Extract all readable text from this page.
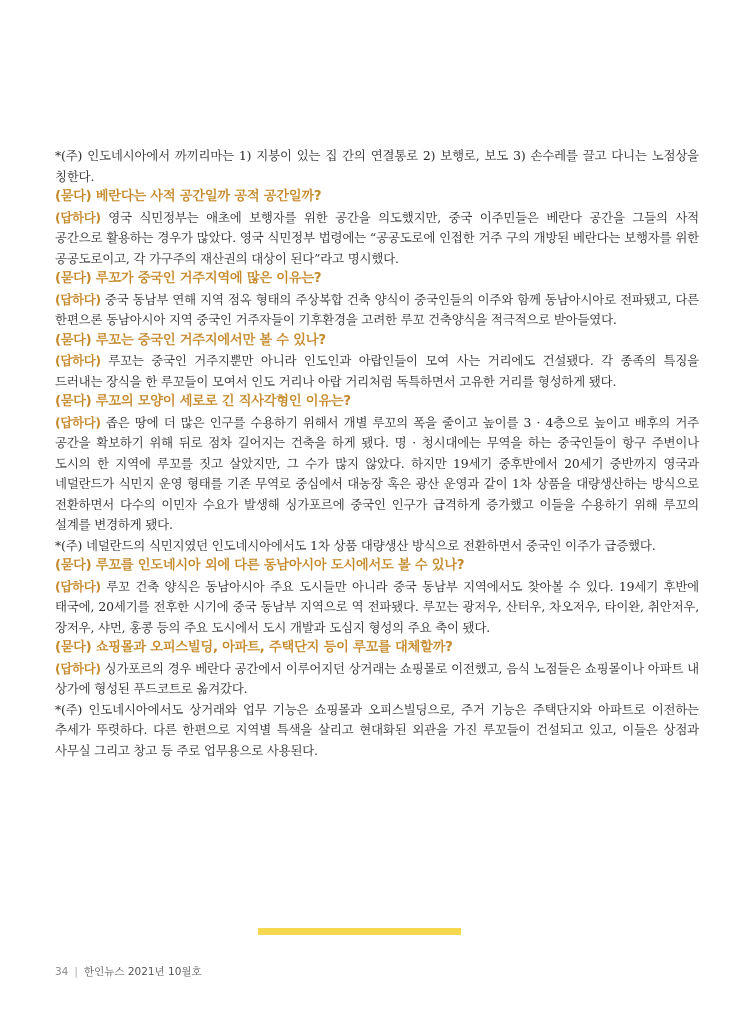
*(주) 인도네시아에서 까끼리마는 1) 지붕이 있는 집 간의 연결통로 2) 보행로, 보도 3) 손수레를 끌고 다니는 노점상을 칭한다.

(묻다) 베란다는 사적 공간일까 공적 공간일까?

(답하다) 영국 식민정부는 애초에 보행자를 위한 공간을 의도했지만, 중국 이주민들은 베란다 공간을 그들의 사적 공간으로 활용하는 경우가 많았다. 영국 식민정부 법령에는 “공공도로에 인접한 거주 구의 개방된 베란다는 보행자를 위한 공공도로이고, 각 가구주의 재산권의 대상이 된다”라고 명시했다.

(묻다) 루꼬가 중국인 거주지역에 많은 이유는?

(답하다) 중국 동남부 연해 지역 점옥 형태의 주상복합 건축 양식이 중국인들의 이주와 함께 동남아시아로 전파됐고, 다른 한편으론 동남아시아 지역 중국인 거주자들이 기후환경을 고려한 루꼬 건축양식을 적극적으로 받아들였다.

(묻다) 루꼬는 중국인 거주지에서만 볼 수 있나?

(답하다) 루꼬는 중국인 거주지뿐만 아니라 인도인과 아랍인들이 모여 사는 거리에도 건설됐다. 각 종족의 특징을 드러내는 장식을 한 루꼬들이 모여서 인도 거리나 아랍 거리처럼 독특하면서 고유한 거리를 형성하게 됐다.

(묻다) 루꼬의 모양이 세로로 긴 직사각형인 이유는?

(답하다) 좁은 땅에 더 많은 인구를 수용하기 위해서 개별 루꼬의 폭을 줄이고 높이를 3 · 4층으로 높이고 배후의 거주 공간을 확보하기 위해 뒤로 점차 길어지는 건축을 하게 됐다. 명 · 청시대에는 무역을 하는 중국인들이 항구 주변이나 도시의 한 지역에 루꼬를 짓고 살았지만, 그 수가 많지 않았다. 하지만 19세기 중후반에서 20세기 중반까지 영국과 네덜란드가 식민지 운영 형태를 기존 무역로 중심에서 대농장 혹은 광산 운영과 같이 1차 상품을 대량생산하는 방식으로 전환하면서 다수의 이민자 수요가 발생해 싱가포르에 중국인 인구가 급격하게 증가했고 이들을 수용하기 위해 루꼬의 설계를 변경하게 됐다.

*(주) 네덜란드의 식민지였던 인도네시아에서도 1차 상품 대량생산 방식으로 전환하면서 중국인 이주가 급증했다.

(묻다) 루꼬를 인도네시아 외에 다른 동남아시아 도시에서도 볼 수 있나?

(답하다) 루꼬 건축 양식은 동남아시아 주요 도시들만 아니라 중국 동남부 지역에서도 찾아볼 수 있다. 19세기 후반에 태국에, 20세기를 전후한 시기에 중국 동남부 지역으로 역 전파됐다. 루꼬는 광저우, 산터우, 차오저우, 타이완, 취안저우, 장저우, 샤먼, 홍콩 등의 주요 도시에서 도시 개발과 도심지 형성의 주요 축이 됐다.

(묻다) 쇼핑몰과 오피스빌딩, 아파트, 주택단지 등이 루꼬를 대체할까?

(답하다) 싱가포르의 경우 베란다 공간에서 이루어지던 상거래는 쇼핑몰로 이전했고, 음식 노점들은 쇼핑몰이나 아파트 내 상가에 형성된 푸드코트로 옮겨갔다.

*(주) 인도네시아에서도 상거래와 업무 기능은 쇼핑몰과 오피스빌딩으로, 주거 기능은 주택단지와 아파트로 이전하는 추세가 뚜렷하다. 다른 한편으로 지역별 특색을 살리고 현대화된 외관을 가진 루꼬들이 건설되고 있고, 이들은 상점과 사무실 그리고 창고 등 주로 업무용으로 사용된다.

34 | 한인뉴스 2021년 10월호
